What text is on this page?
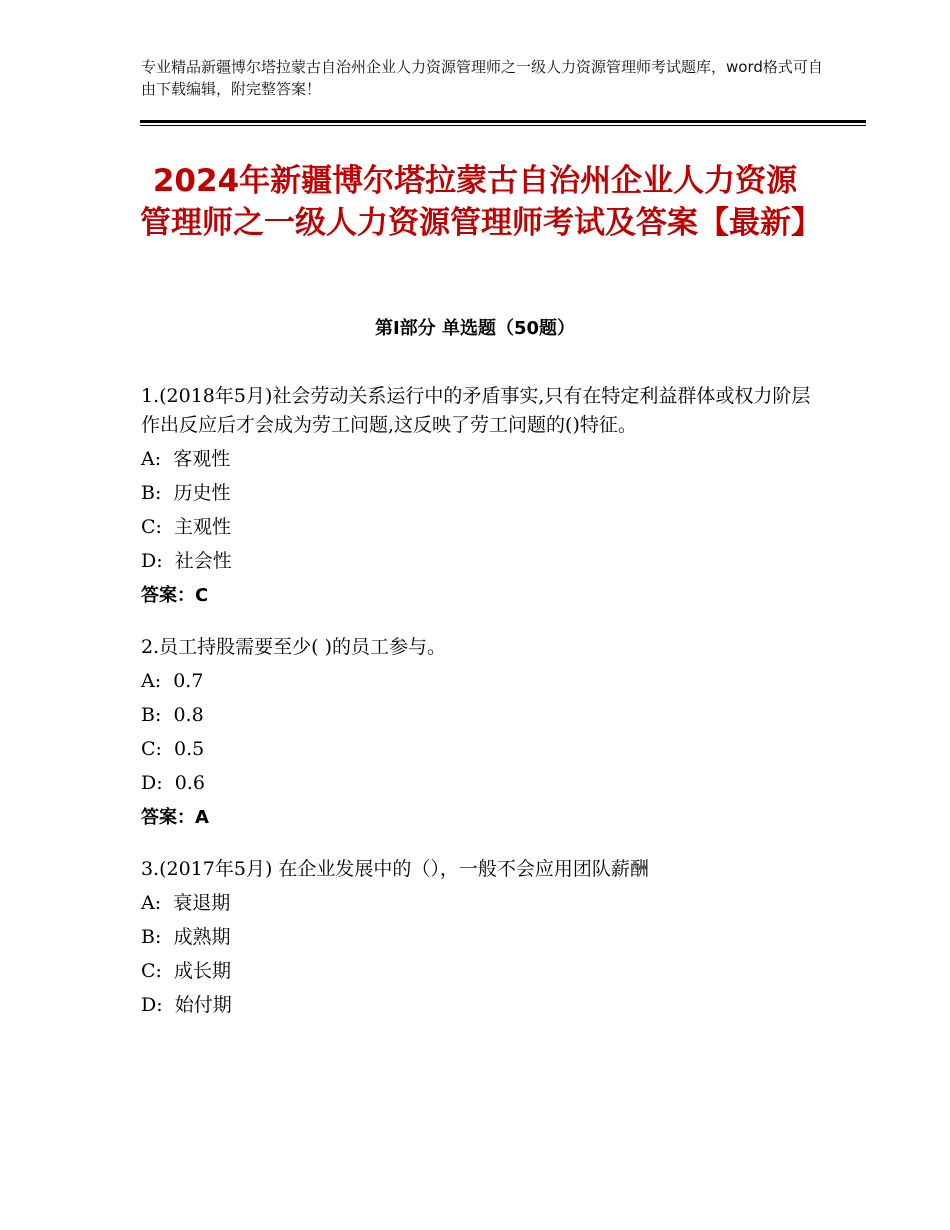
专业精品新疆博尔塔拉蒙古自治州企业人力资源管理师之一级人力资源管理师考试题库，word格式可自由下载编辑，附完整答案！
2024年新疆博尔塔拉蒙古自治州企业人力资源管理师之一级人力资源管理师考试及答案【最新】
第Ⅰ部分 单选题（50题）

1.(2018年5月)社会劳动关系运行中的矛盾事实,只有在特定利益群体或权力阶层作出反应后才会成为劳工问题,这反映了劳工问题的()特征。

A:  客观性

B:  历史性

C:  主观性

D:  社会性

答案：C

2.员工持股需要至少( )的员工参与。

A:  0.7

B:  0.8

C:  0.5

D:  0.6

答案：A

3.(2017年5月) 在企业发展中的（），一般不会应用团队薪酬

A:  衰退期

B:  成熟期

C:  成长期

D:  始付期
